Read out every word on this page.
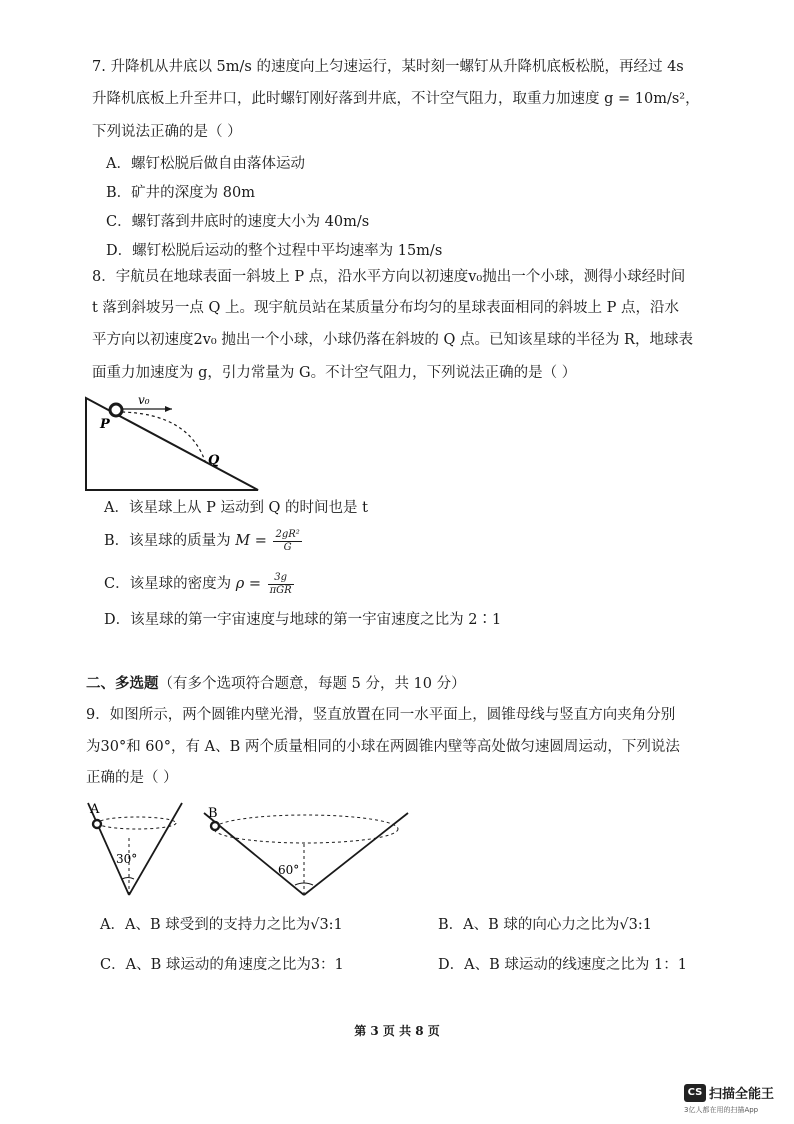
7. 升降机从井底以 5m/s 的速度向上匀速运行，某时刻一螺钉从升降机底板松脱，再经过 4s
升降机底板上升至井口，此时螺钉刚好落到井底，不计空气阻力，取重力加速度 g = 10m/s²，
下列说法正确的是（ ）
A．螺钉松脱后做自由落体运动
B．矿井的深度为 80m
C．螺钉落到井底时的速度大小为 40m/s
D．螺钉松脱后运动的整个过程中平均速率为 15m/s
8．宇航员在地球表面一斜坡上 P 点，沿水平方向以初速度v₀抛出一个小球，测得小球经时间
t 落到斜坡另一点 Q 上。现宇航员站在某质量分布均匀的星球表面相同的斜坡上 P 点，沿水
平方向以初速度2v₀ 抛出一个小球，小球仍落在斜坡的 Q 点。已知该星球的半径为 R，地球表
面重力加速度为 g，引力常量为 G。不计空气阻力，下列说法正确的是（ ）
v₀
P
Q
A．该星球上从 P 运动到 Q 的时间也是 t
B．该星球的质量为 $M = \frac{\text{2gR²}}{G}$
C．该星球的密度为 $\rho = \frac{3g}{\text{πGR}}$
D．该星球的第一宇宙速度与地球的第一宇宙速度之比为 2∶1
二、多选题（有多个选项符合题意，每题 5 分，共 10 分）
9．如图所示，两个圆锥内壁光滑，竖直放置在同一水平面上，圆锥母线与竖直方向夹角分别
为30°和 60°，有 A、B 两个质量相同的小球在两圆锥内壁等高处做匀速圆周运动，下列说法
正确的是（ ）
A
30°
B
60°
A．A、B 球受到的支持力之比为√3:1	B．A、B 球的向心力之比为√3:1
C．A、B 球运动的角速度之比为3：1	D．A、B 球运动的线速度之比为 1：1
第 3 页 共 8 页
CS 扫描全能王
3亿人都在用的扫描App
